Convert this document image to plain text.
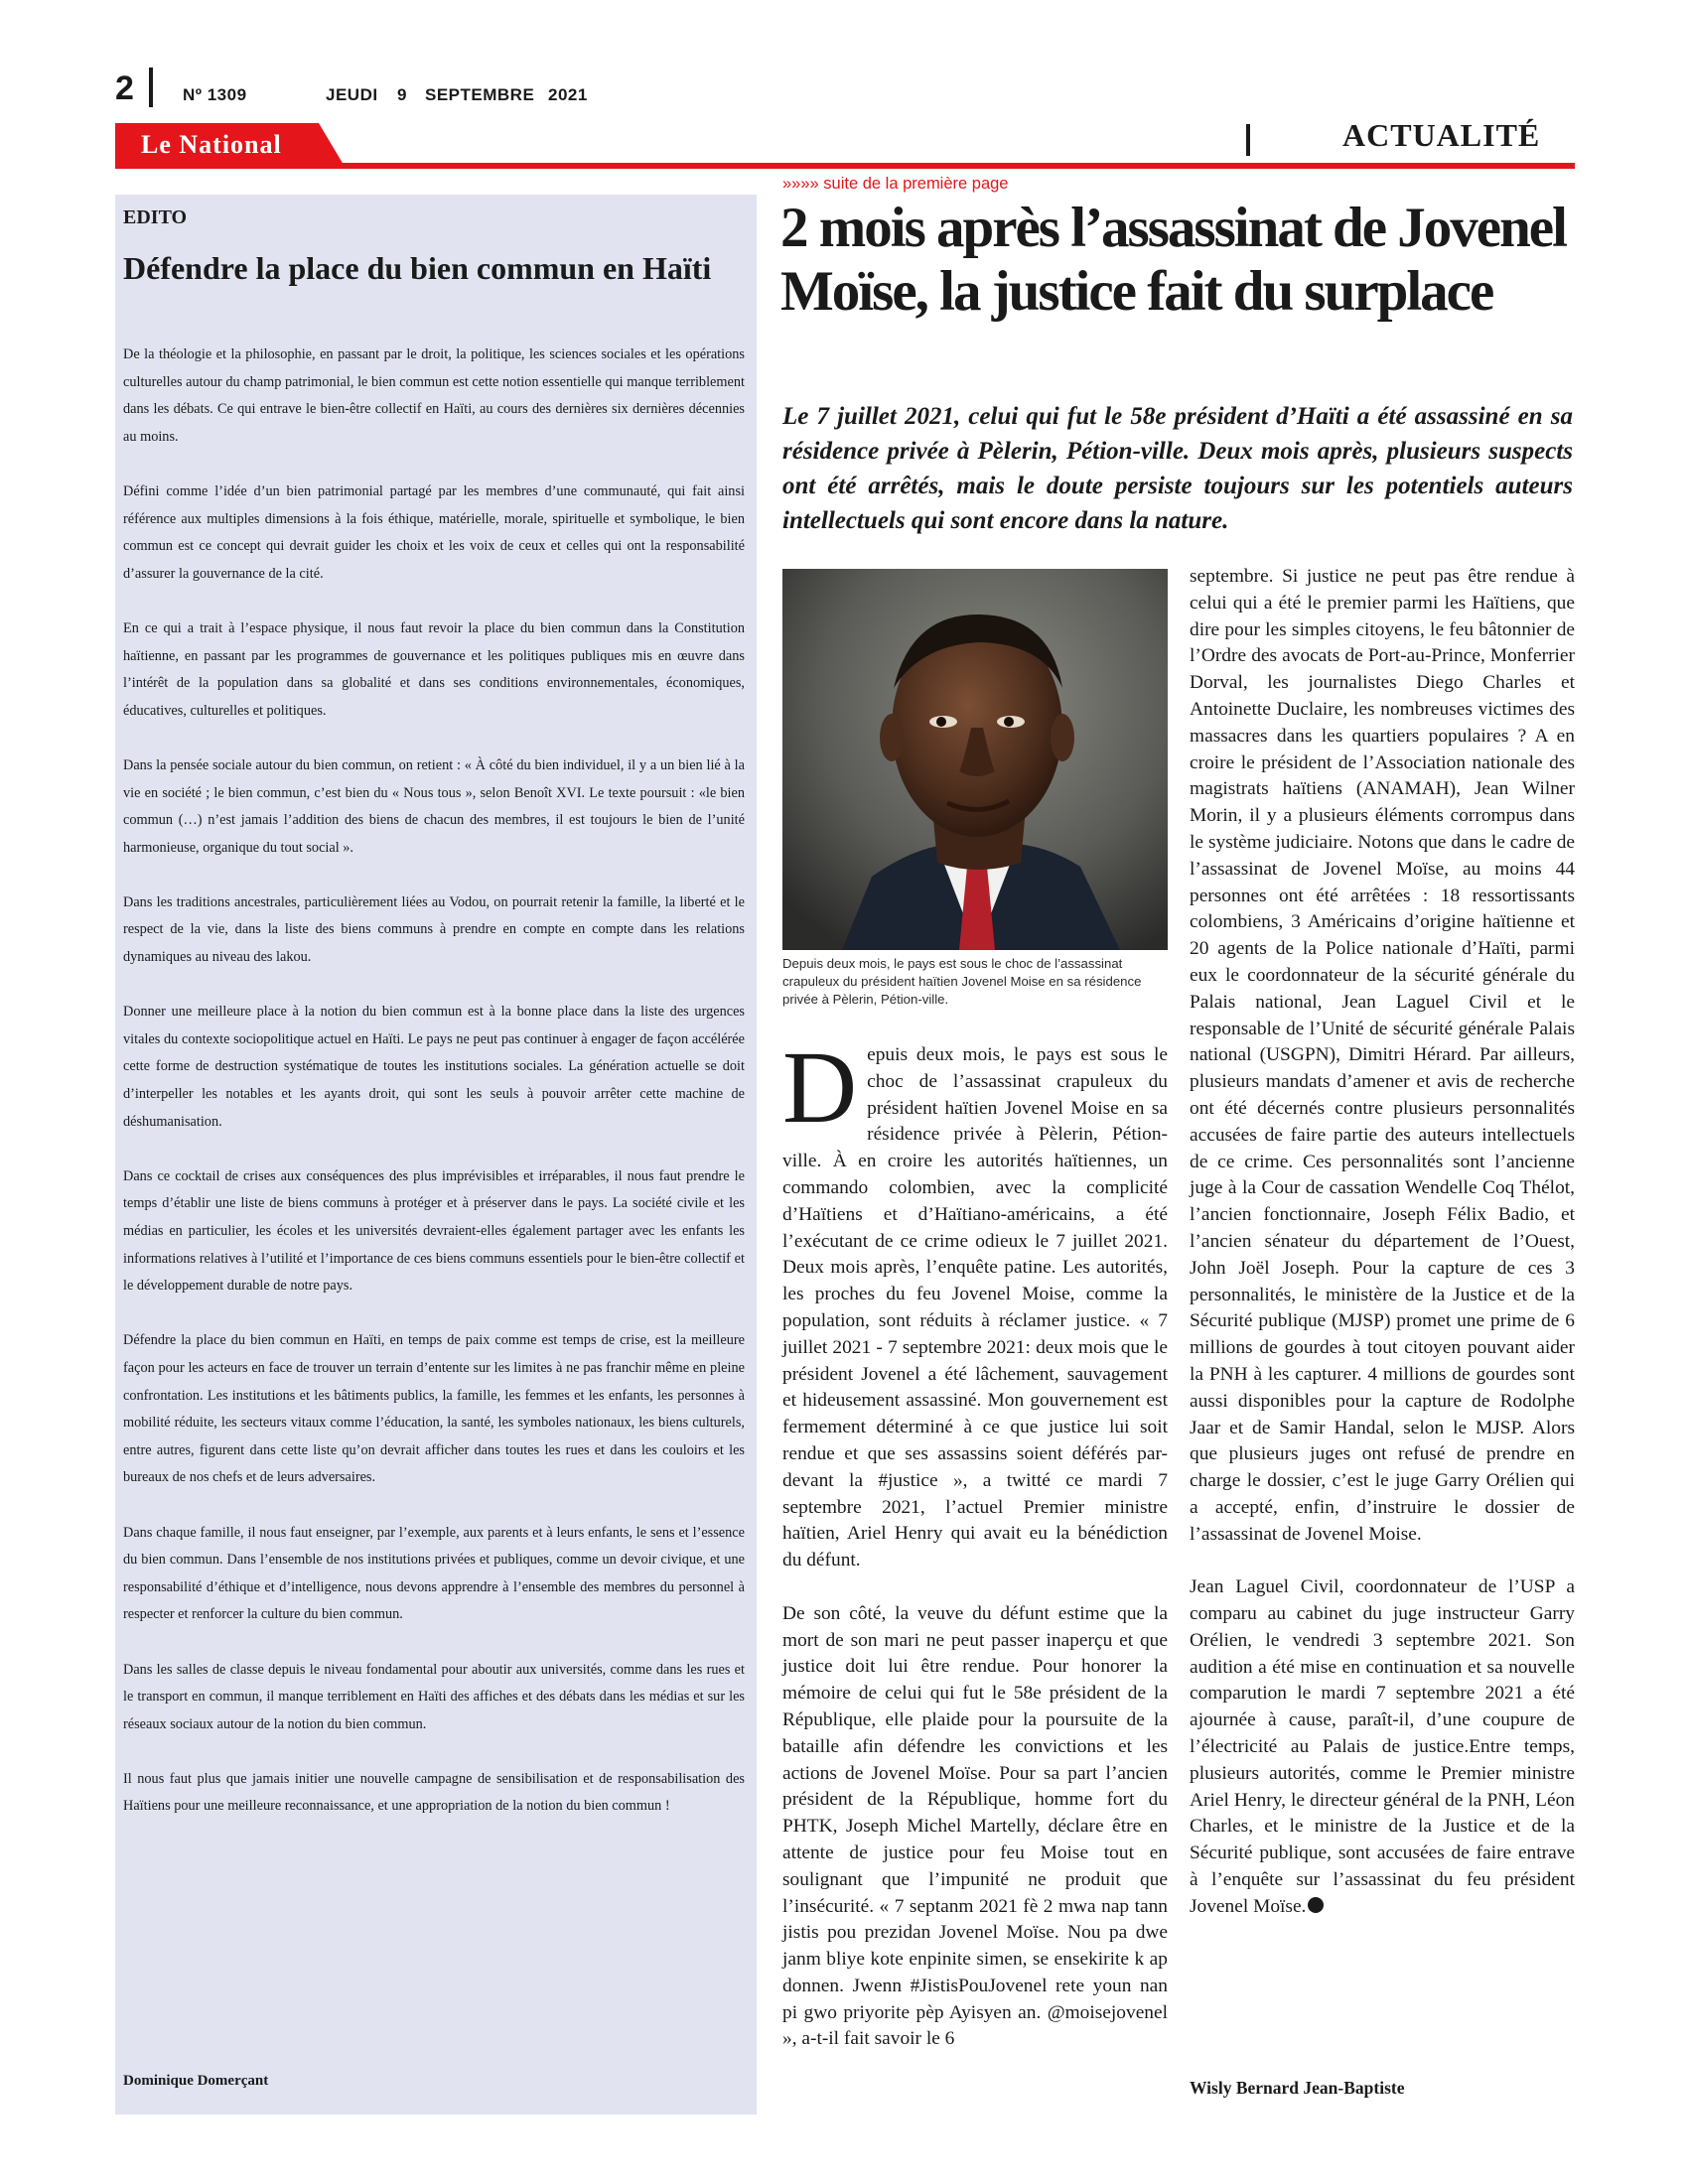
2	Nº 1309	JEUDI 9 SEPTEMBRE 2021
Le National	ACTUALITÉ
EDITO
Défendre la place du bien commun en Haïti

De la théologie et la philosophie, en passant par le droit, la politique, les sciences sociales et les opérations culturelles autour du champ patrimonial, le bien commun est cette notion essentielle qui manque terriblement dans les débats. Ce qui entrave le bien-être collectif en Haïti, au cours des dernières six dernières décennies au moins.

Défini comme l’idée d’un bien patrimonial partagé par les membres d’une communauté, qui fait ainsi référence aux multiples dimensions à la fois éthique, matérielle, morale, spirituelle et symbolique, le bien commun est ce concept qui devrait guider les choix et les voix de ceux et celles qui ont la responsabilité d’assurer la gouvernance de la cité.

En ce qui a trait à l’espace physique, il nous faut revoir la place du bien commun dans la Constitution haïtienne, en passant par les programmes de gouvernance et les politiques publiques mis en œuvre dans l’intérêt de la population dans sa globalité et dans ses conditions environnementales, économiques, éducatives, culturelles et politiques.

Dans la pensée sociale autour du bien commun, on retient : « À côté du bien individuel, il y a un bien lié à la vie en société ; le bien commun, c’est bien du « Nous tous », selon Benoît XVI. Le texte poursuit : «le bien commun (…) n’est jamais l’addition des biens de chacun des membres, il est toujours le bien de l’unité harmonieuse, organique du tout social ».

Dans les traditions ancestrales, particulièrement liées au Vodou, on pourrait retenir la famille, la liberté et le respect de la vie, dans la liste des biens communs à prendre en compte en compte dans les relations dynamiques au niveau des lakou.

Donner une meilleure place à la notion du bien commun est à la bonne place dans la liste des urgences vitales du contexte sociopolitique actuel en Haïti. Le pays ne peut pas continuer à engager de façon accélérée cette forme de destruction systématique de toutes les institutions sociales. La génération actuelle se doit d’interpeller les notables et les ayants droit, qui sont les seuls à pouvoir arrêter cette machine de déshumanisation.

Dans ce cocktail de crises aux conséquences des plus imprévisibles et irréparables, il nous faut prendre le temps d’établir une liste de biens communs à protéger et à préserver dans le pays. La société civile et les médias en particulier, les écoles et les universités devraient-elles également partager avec les enfants les informations relatives à l’utilité et l’importance de ces biens communs essentiels pour le bien-être collectif et le développement durable de notre pays.

Défendre la place du bien commun en Haïti, en temps de paix comme est temps de crise, est la meilleure façon pour les acteurs en face de trouver un terrain d’entente sur les limites à ne pas franchir même en pleine confrontation. Les institutions et les bâtiments publics, la famille, les femmes et les enfants, les personnes à mobilité réduite, les secteurs vitaux comme l’éducation, la santé, les symboles nationaux, les biens culturels, entre autres, figurent dans cette liste qu’on devrait afficher dans toutes les rues et dans les couloirs et les bureaux de nos chefs et de leurs adversaires.

Dans chaque famille, il nous faut enseigner, par l’exemple, aux parents et à leurs enfants, le sens et l’essence du bien commun. Dans l’ensemble de nos institutions privées et publiques, comme un devoir civique, et une responsabilité d’éthique et d’intelligence, nous devons apprendre à l’ensemble des membres du personnel à respecter et renforcer la culture du bien commun.

Dans les salles de classe depuis le niveau fondamental pour aboutir aux universités, comme dans les rues et le transport en commun, il manque terriblement en Haïti des affiches et des débats dans les médias et sur les réseaux sociaux autour de la notion du bien commun.

Il nous faut plus que jamais initier une nouvelle campagne de sensibilisation et de responsabilisation des Haïtiens pour une meilleure reconnaissance, et une appropriation de la notion du bien commun !

Dominique Domerçant
»»»» suite de la première page
2 mois après l’assassinat de Jovenel Moïse, la justice fait du surplace
Le 7 juillet 2021, celui qui fut le 58e président d’Haïti a été assassiné en sa résidence privée à Pèlerin, Pétion-ville. Deux mois après, plusieurs suspects ont été arrêtés, mais le doute persiste toujours sur les potentiels auteurs intellectuels qui sont encore dans la nature.
Depuis deux mois, le pays est sous le choc de l’assassinat crapuleux du président haïtien Jovenel Moise en sa résidence privée à Pèlerin, Pétion-ville.

Depuis deux mois, le pays est sous le choc de l’assassinat crapuleux du président haïtien Jovenel Moise en sa résidence privée à Pèlerin, Pétion-ville. À en croire les autorités haïtiennes, un commando colombien, avec la complicité d’Haïtiens et d’Haïtiano-américains, a été l’exécutant de ce crime odieux le 7 juillet 2021. Deux mois après, l’enquête patine. Les autorités, les proches du feu Jovenel Moise, comme la population, sont réduits à réclamer justice. « 7 juillet 2021 - 7 septembre 2021: deux mois que le président Jovenel a été lâchement, sauvagement et hideusement assassiné. Mon gouvernement est fermement déterminé à ce que justice lui soit rendue et que ses assassins soient déférés par-devant la #justice », a twitté ce mardi 7 septembre 2021, l’actuel Premier ministre haïtien, Ariel Henry qui avait eu la bénédiction du défunt.

De son côté, la veuve du défunt estime que la mort de son mari ne peut passer inaperçu et que justice doit lui être rendue. Pour honorer la mémoire de celui qui fut le 58e président de la République, elle plaide pour la poursuite de la bataille afin défendre les convictions et les actions de Jovenel Moïse. Pour sa part l’ancien président de la République, homme fort du PHTK, Joseph Michel Martelly, déclare être en attente de justice pour feu Moise tout en soulignant que l’impunité ne produit que l’insécurité. « 7 septanm 2021 fè 2 mwa nap tann jistis pou prezidan Jovenel Moïse. Nou pa dwe janm bliye kote enpinite simen, se ensekirite k ap donnen. Jwenn #JistisPouJovenel rete youn nan pi gwo priyorite pèp Ayisyen an. @moisejovenel », a-t-il fait savoir le 6

septembre. Si justice ne peut pas être rendue à celui qui a été le premier parmi les Haïtiens, que dire pour les simples citoyens, le feu bâtonnier de l’Ordre des avocats de Port-au-Prince, Monferrier Dorval, les journalistes Diego Charles et Antoinette Duclaire, les nombreuses victimes des massacres dans les quartiers populaires ? A en croire le président de l’Association nationale des magistrats haïtiens (ANAMAH), Jean Wilner Morin, il y a plusieurs éléments corrompus dans le système judiciaire. Notons que dans le cadre de l’assassinat de Jovenel Moïse, au moins 44 personnes ont été arrêtées : 18 ressortissants colombiens, 3 Américains d’origine haïtienne et 20 agents de la Police nationale d’Haïti, parmi eux le coordonnateur de la sécurité générale du Palais national, Jean Laguel Civil et le responsable de l’Unité de sécurité générale Palais national (USGPN), Dimitri Hérard. Par ailleurs, plusieurs mandats d’amener et avis de recherche ont été décernés contre plusieurs personnalités accusées de faire partie des auteurs intellectuels de ce crime. Ces personnalités sont l’ancienne juge à la Cour de cassation Wendelle Coq Thélot, l’ancien fonctionnaire, Joseph Félix Badio, et l’ancien sénateur du département de l’Ouest, John Joël Joseph. Pour la capture de ces 3 personnalités, le ministère de la Justice et de la Sécurité publique (MJSP) promet une prime de 6 millions de gourdes à tout citoyen pouvant aider la PNH à les capturer. 4 millions de gourdes sont aussi disponibles pour la capture de Rodolphe Jaar et de Samir Handal, selon le MJSP. Alors que plusieurs juges ont refusé de prendre en charge le dossier, c’est le juge Garry Orélien qui a accepté, enfin, d’instruire le dossier de l’assassinat de Jovenel Moise.

Jean Laguel Civil, coordonnateur de l’USP a comparu au cabinet du juge instructeur Garry Orélien, le vendredi 3 septembre 2021. Son audition a été mise en continuation et sa nouvelle comparution le mardi 7 septembre 2021 a été ajournée à cause, paraît-il, d’une coupure de l’électricité au Palais de justice.Entre temps, plusieurs autorités, comme le Premier ministre Ariel Henry, le directeur général de la PNH, Léon Charles, et le ministre de la Justice et de la Sécurité publique, sont accusées de faire entrave à l’enquête sur l’assassinat du feu président Jovenel Moïse.

Wisly Bernard Jean-Baptiste
